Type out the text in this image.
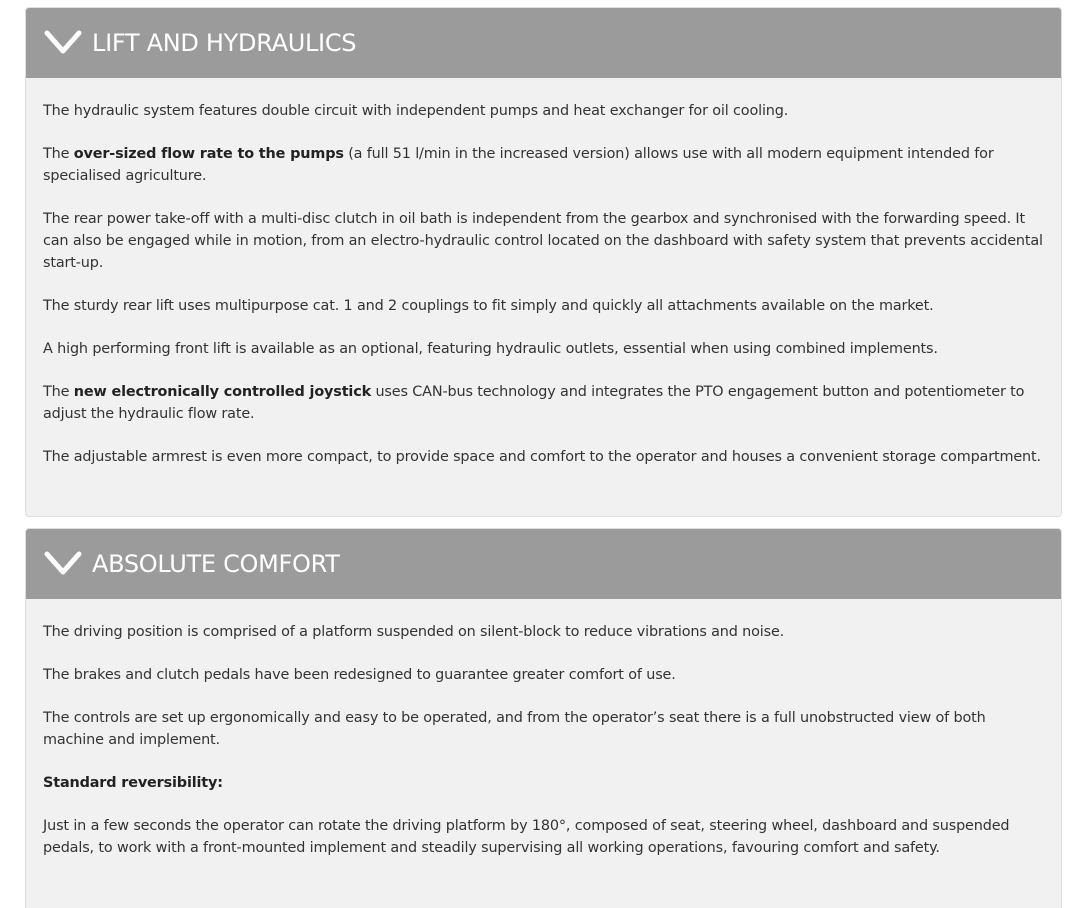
LIFT AND HYDRAULICS

The hydraulic system features double circuit with independent pumps and heat exchanger for oil cooling.

The over-sized flow rate to the pumps (a full 51 l/min in the increased version) allows use with all modern equipment intended for specialised agriculture.

The rear power take-off with a multi-disc clutch in oil bath is independent from the gearbox and synchronised with the forwarding speed. It can also be engaged while in motion, from an electro-hydraulic control located on the dashboard with safety system that prevents accidental start-up.

The sturdy rear lift uses multipurpose cat. 1 and 2 couplings to fit simply and quickly all attachments available on the market.

A high performing front lift is available as an optional, featuring hydraulic outlets, essential when using combined implements.

The new electronically controlled joystick uses CAN-bus technology and integrates the PTO engagement button and potentiometer to adjust the hydraulic flow rate.

The adjustable armrest is even more compact, to provide space and comfort to the operator and houses a convenient storage compartment.

ABSOLUTE COMFORT

The driving position is comprised of a platform suspended on silent-block to reduce vibrations and noise.

The brakes and clutch pedals have been redesigned to guarantee greater comfort of use.

The controls are set up ergonomically and easy to be operated, and from the operator’s seat there is a full unobstructed view of both machine and implement.

Standard reversibility:

Just in a few seconds the operator can rotate the driving platform by 180°, composed of seat, steering wheel, dashboard and suspended pedals, to work with a front-mounted implement and steadily supervising all working operations, favouring comfort and safety.
